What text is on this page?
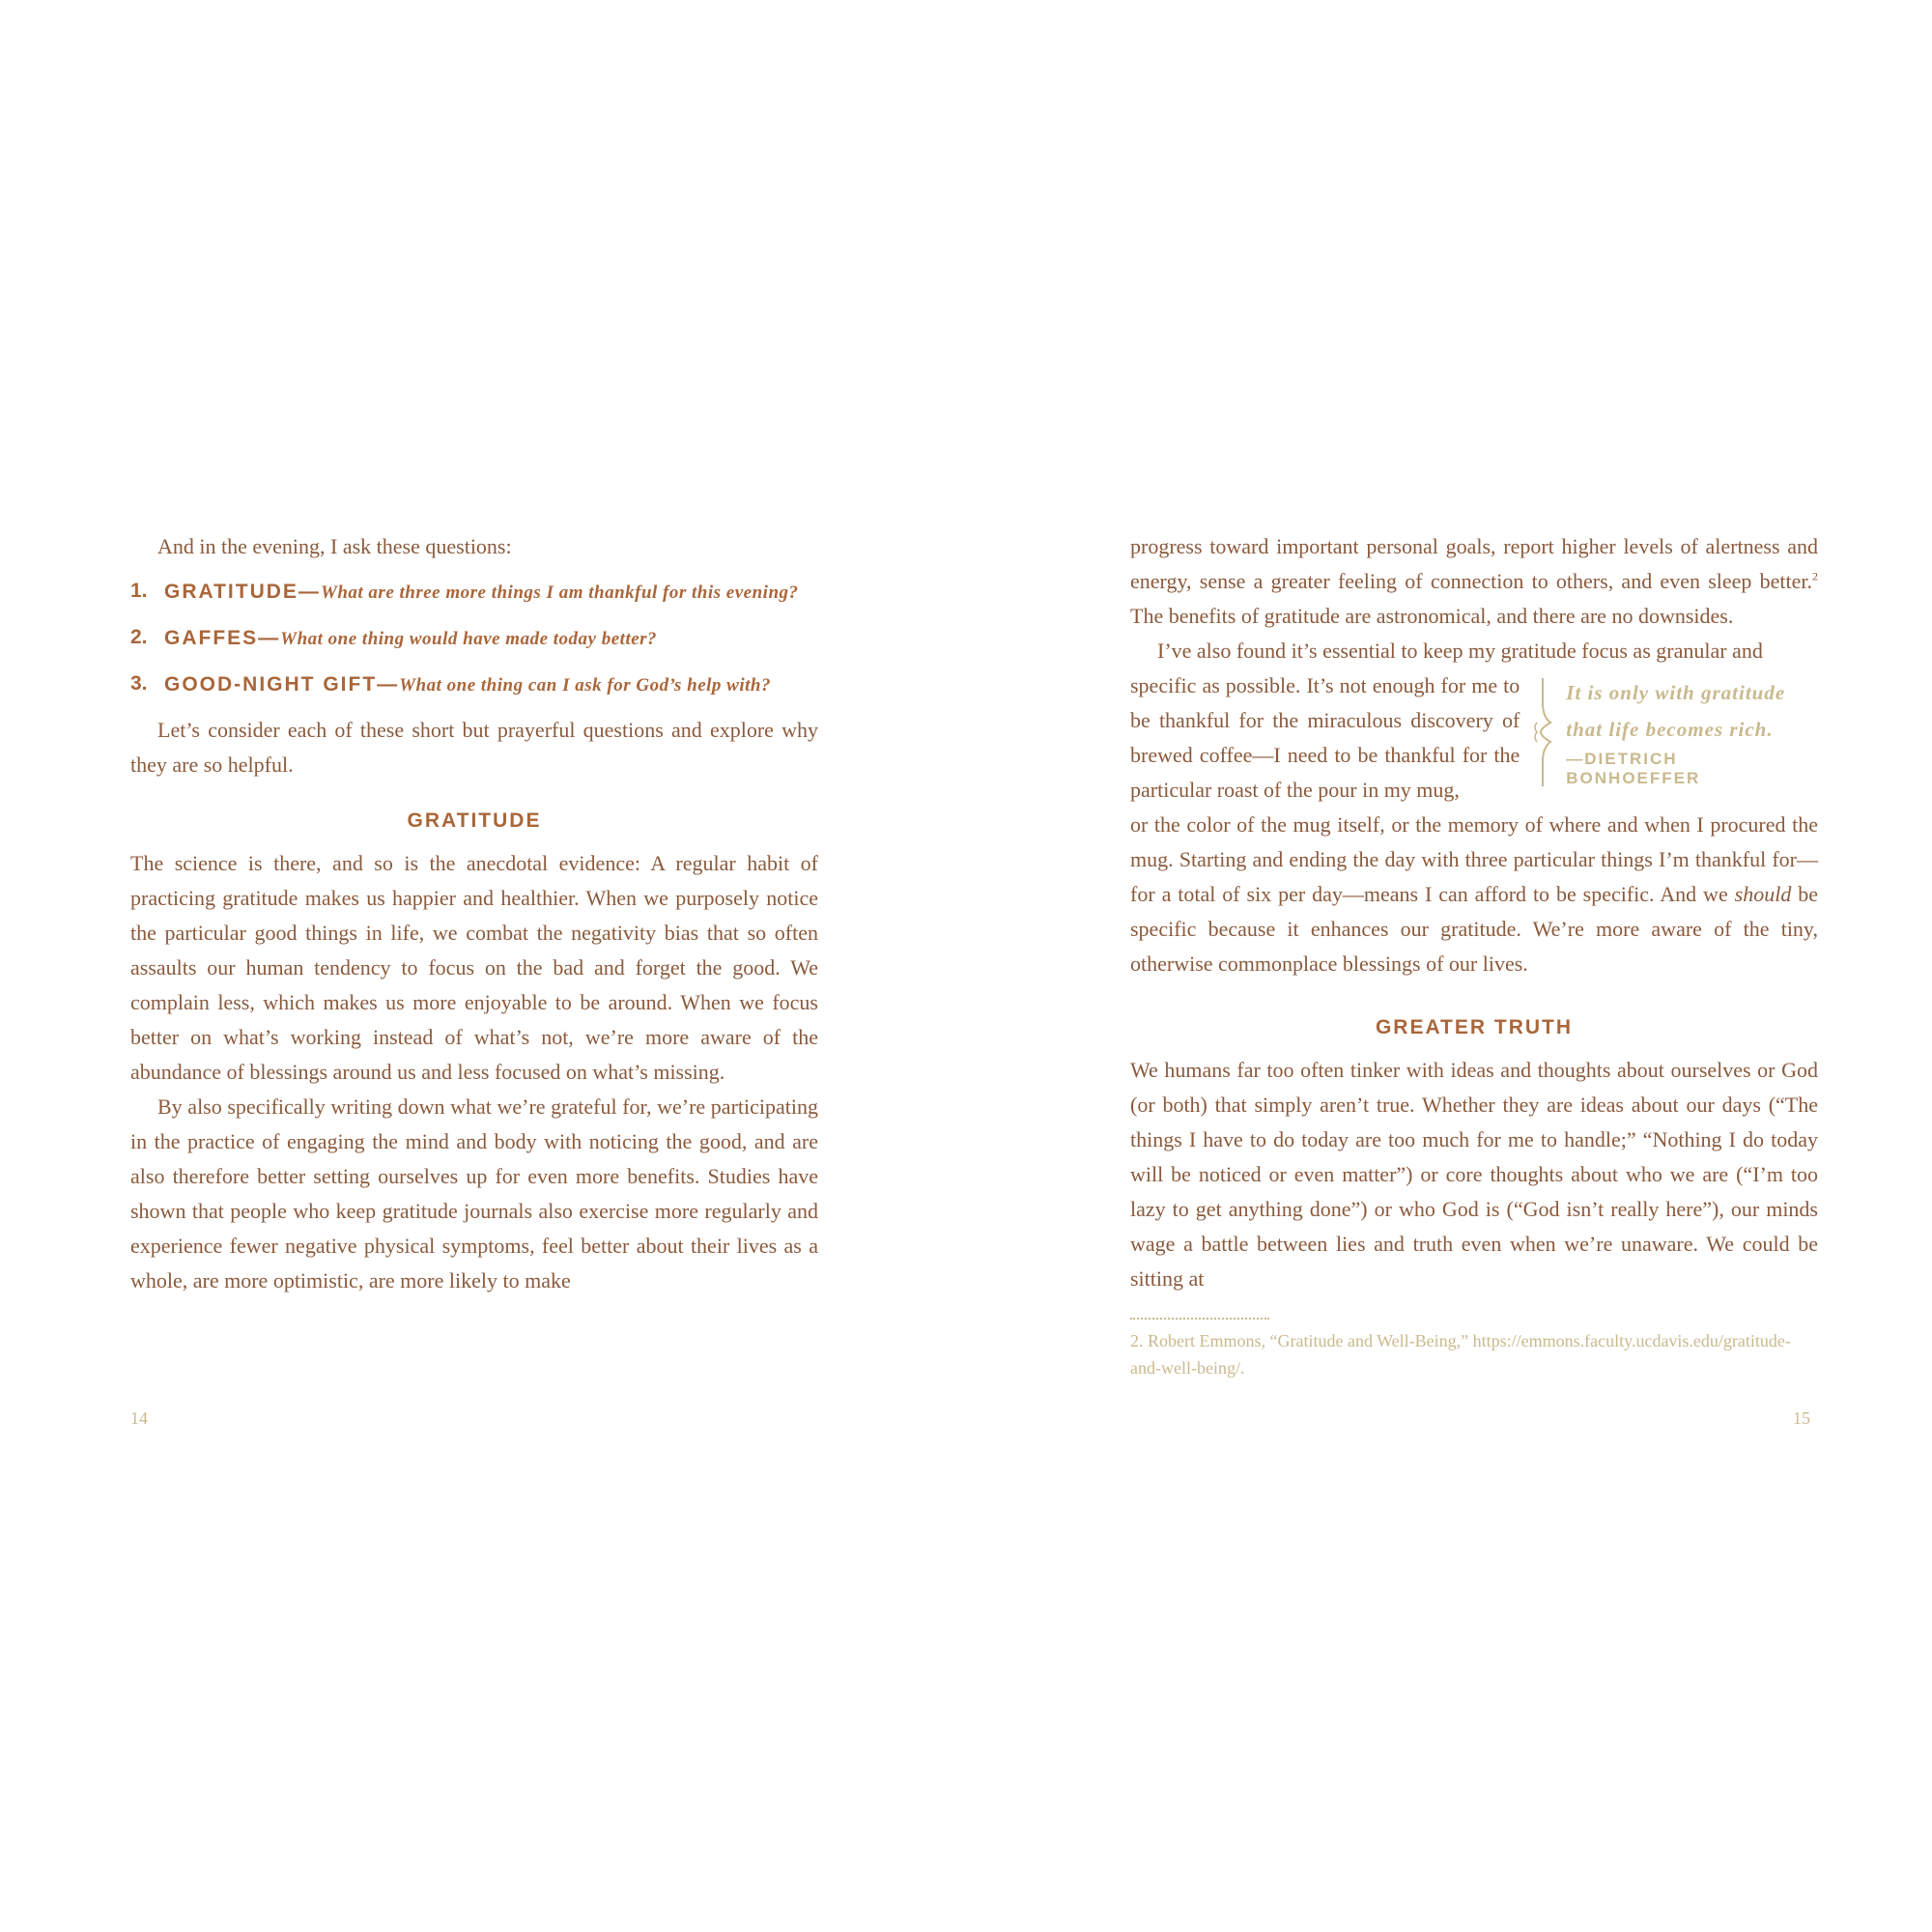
And in the evening, I ask these questions:

1. GRATITUDE—What are three more things I am thankful for this evening?
2. GAFFES—What one thing would have made today better?
3. GOOD-NIGHT GIFT—What one thing can I ask for God’s help with?

Let’s consider each of these short but prayerful questions and explore why they are so helpful.

GRATITUDE

The science is there, and so is the anecdotal evidence: A regular habit of practicing gratitude makes us happier and healthier. When we purposely notice the particular good things in life, we combat the negativity bias that so often assaults our human tendency to focus on the bad and forget the good. We complain less, which makes us more enjoyable to be around. When we focus better on what’s working instead of what’s not, we’re more aware of the abundance of blessings around us and less focused on what’s missing.

By also specifically writing down what we’re grateful for, we’re participating in the practice of engaging the mind and body with noticing the good, and are also therefore better setting ourselves up for even more benefits. Studies have shown that people who keep gratitude journals also exercise more regularly and experience fewer negative physical symptoms, feel better about their lives as a whole, are more optimistic, are more likely to make

14

progress toward important personal goals, report higher levels of alertness and energy, sense a greater feeling of connection to others, and even sleep better.$^2$ The benefits of gratitude are astronomical, and there are no downsides.

I’ve also found it’s essential to keep my gratitude focus as granular and

specific as possible. It’s not enough for me to be thankful for the miraculous discovery of brewed coffee—I need to be thankful for the particular roast of the pour in my mug,

It is only with gratitude that life becomes rich.
—DIETRICH BONHOEFFER

or the color of the mug itself, or the memory of where and when I procured the mug. Starting and ending the day with three particular things I’m thankful for—for a total of six per day—means I can afford to be specific. And we should be specific because it enhances our gratitude. We’re more aware of the tiny, otherwise commonplace blessings of our lives.

GREATER TRUTH

We humans far too often tinker with ideas and thoughts about ourselves or God (or both) that simply aren’t true. Whether they are ideas about our days (“The things I have to do today are too much for me to handle;” “Nothing I do today will be noticed or even matter”) or core thoughts about who we are (“I’m too lazy to get anything done”) or who God is (“God isn’t really here”), our minds wage a battle between lies and truth even when we’re unaware. We could be sitting at

2. Robert Emmons, “Gratitude and Well-Being,” https://emmons.faculty.ucdavis.edu/gratitude-and-well-being/.
15
